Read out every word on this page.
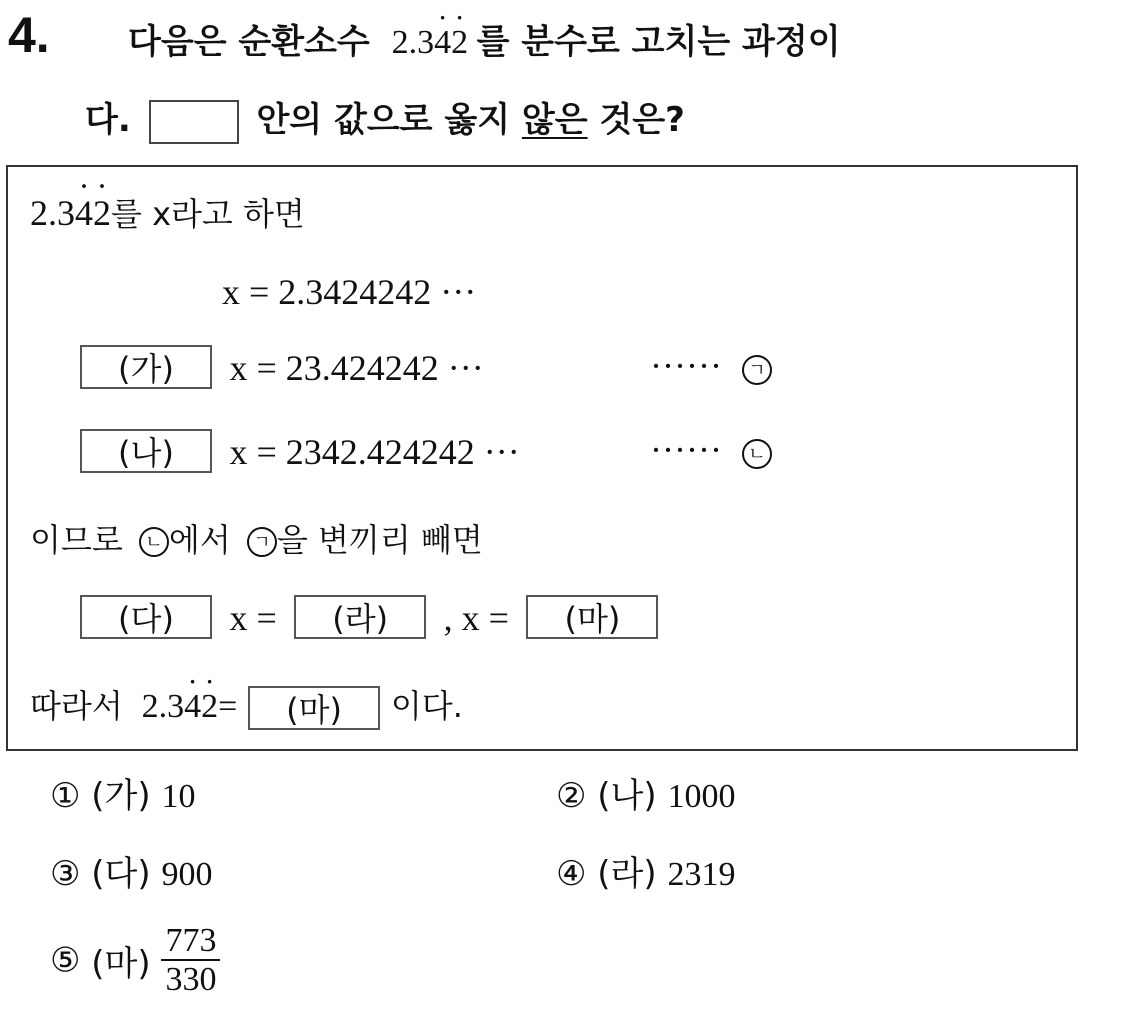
4. 다음은 순환소수 2.3· 4· 2 를 분수로 고치는 과정이
다.	안의 값으로 옳지 않은 것은?
2.3· 4· 2를 x라고 하면
x = 2.3424242 ···
(가) x = 23.424242 ···	······	ㄱ
(나) x = 2342.424242 ···	······	ㄴ
이므로 ㄴ 에서 ㄱ 을 변끼리 빼면
(다) x = (라) , x = (마)
따라서 2.3· 4· 2= (마) 이다.
① (가) 10	② (나) 1000
③ (다) 900	④ (라) 2319
⑤ (마) $\frac{773}{330}$
